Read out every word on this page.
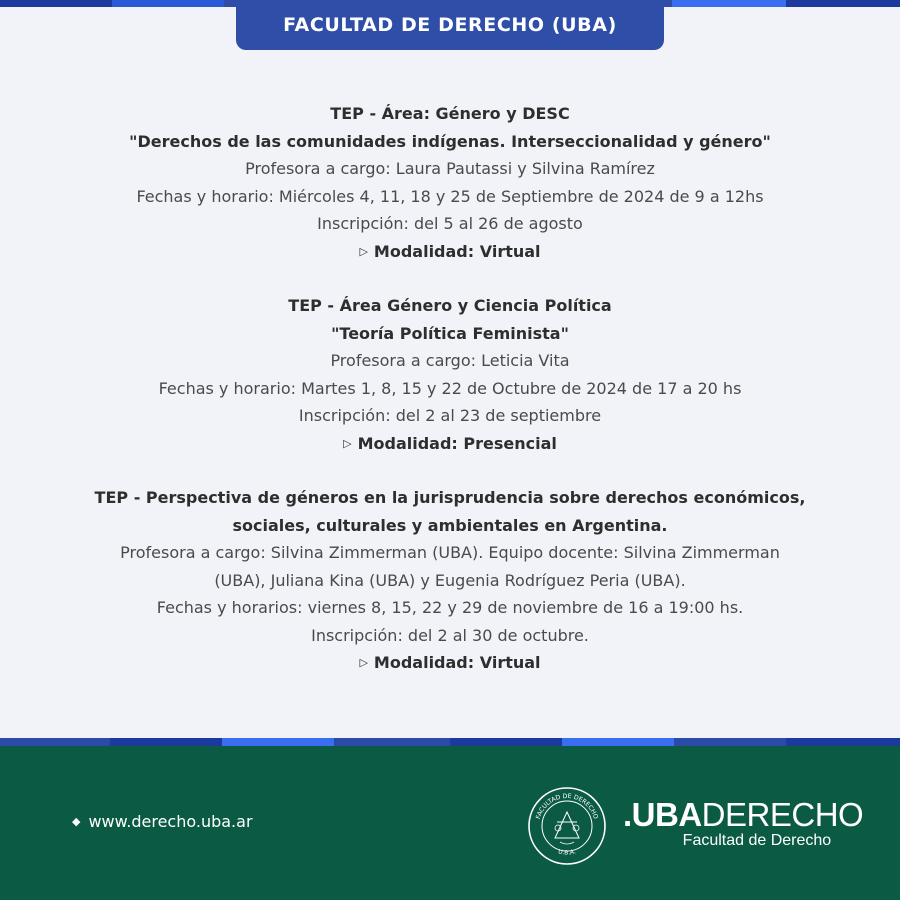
FACULTAD DE DERECHO (UBA)
TEP - Área: Género y DESC
"Derechos de las comunidades indígenas. Interseccionalidad y género"
Profesora a cargo: Laura Pautassi y Silvina Ramírez
Fechas y horario: Miércoles 4, 11, 18 y 25 de Septiembre de 2024 de 9 a 12hs
Inscripción: del 5 al 26 de agosto
▷ Modalidad: Virtual
TEP - Área Género y Ciencia Política
"Teoría Política Feminista"
Profesora a cargo: Leticia Vita
Fechas y horario: Martes 1, 8, 15 y 22 de Octubre de 2024 de 17 a 20 hs
Inscripción: del 2 al 23 de septiembre
▷ Modalidad: Presencial
TEP - Perspectiva de géneros en la jurisprudencia sobre derechos económicos,
sociales, culturales y ambientales en Argentina.
Profesora a cargo: Silvina Zimmerman (UBA). Equipo docente: Silvina Zimmerman
(UBA), Juliana Kina (UBA) y Eugenia Rodríguez Peria (UBA).
Fechas y horarios: viernes 8, 15, 22 y 29 de noviembre de 16 a 19:00 hs.
Inscripción: del 2 al 30 de octubre.
▷ Modalidad: Virtual
◆ www.derecho.uba.ar	FACULTAD DE DERECHO
U.B.A.
.UBADERECHO
Facultad de Derecho
